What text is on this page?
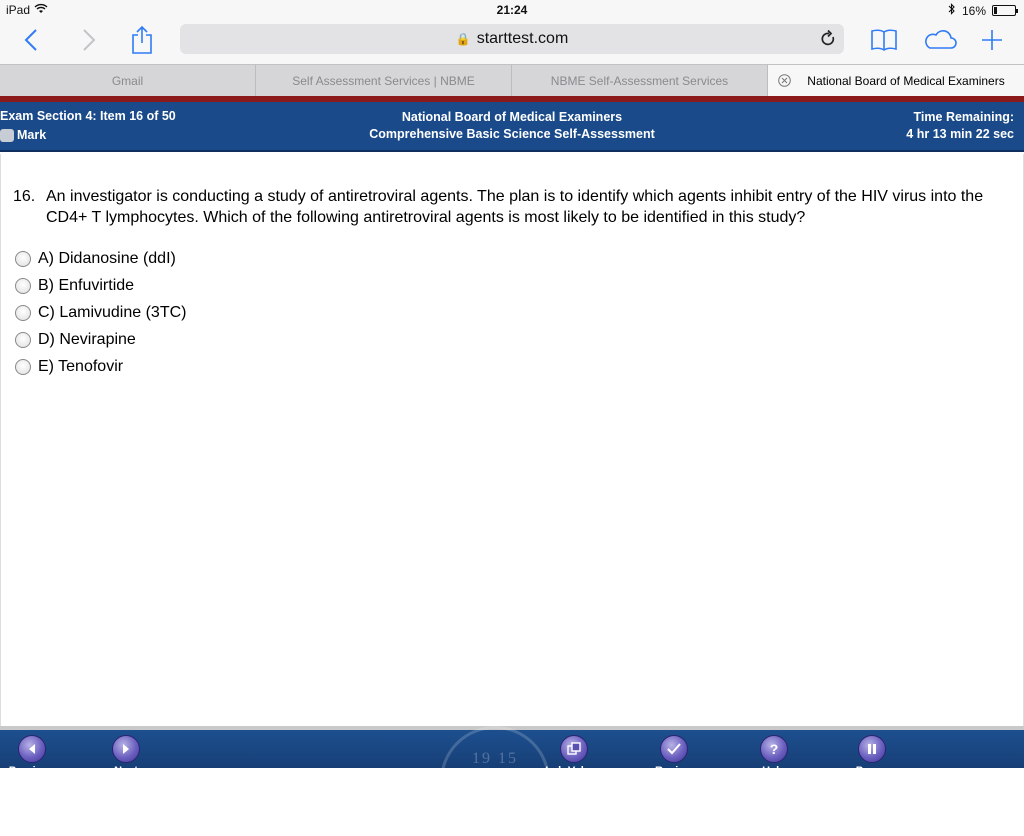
iPad	21:24	16%
🔒 starttest.com
Gmail	Self Assessment Services | NBME	NBME Self-Assessment Services	National Board of Medical Examiners
Exam Section 4: Item 16 of 50
Mark
National Board of Medical Examiners
Comprehensive Basic Science Self-Assessment
Time Remaining:
4 hr 13 min 22 sec
16. An investigator is conducting a study of antiretroviral agents. The plan is to identify which agents inhibit entry of the HIV virus into the CD4+ T lymphocytes. Which of the following antiretroviral agents is most likely to be identified in this study?
A) Didanosine (ddI)
B) Enfuvirtide
C) Lamivudine (3TC)
D) Nevirapine
E) Tenofovir
19 15
Previous	Next	Lab Values	Review
?
Help	Pause
